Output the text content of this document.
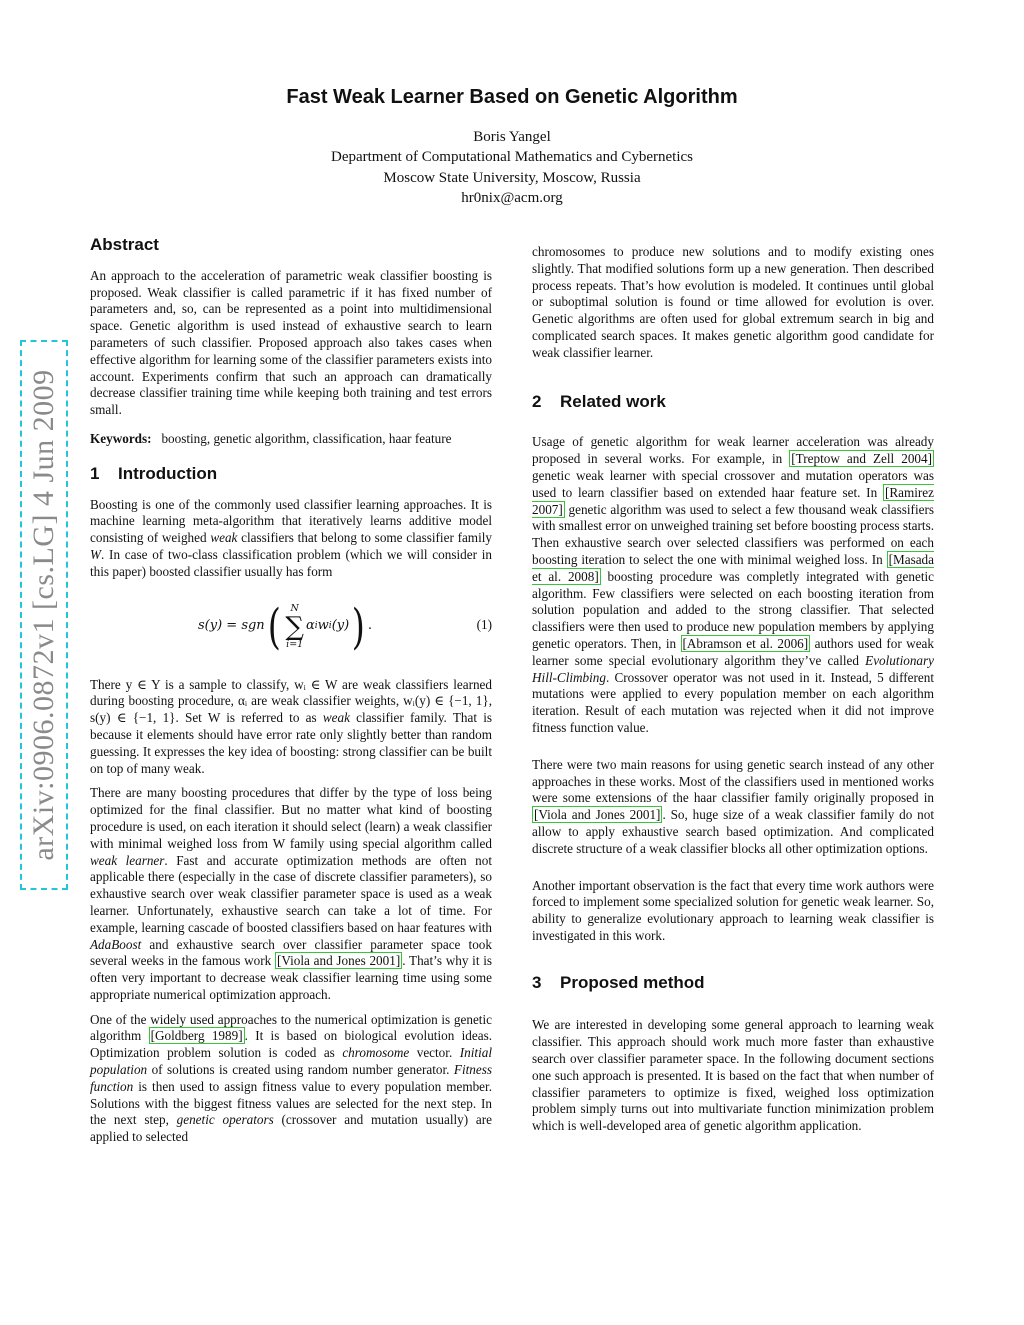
arXiv:0906.0872v1 [cs.LG] 4 Jun 2009
Fast Weak Learner Based on Genetic Algorithm
Boris Yangel
Department of Computational Mathematics and Cybernetics
Moscow State University, Moscow, Russia
hr0nix@acm.org
Abstract

An approach to the acceleration of parametric weak classifier boosting is proposed. Weak classifier is called parametric if it has fixed number of parameters and, so, can be represented as a point into multidimensional space. Genetic algorithm is used instead of exhaustive search to learn parameters of such classifier. Proposed approach also takes cases when effective algorithm for learning some of the classifier parameters exists into account. Experiments confirm that such an approach can dramatically decrease classifier training time while keeping both training and test errors small.

Keywords: boosting, genetic algorithm, classification, haar feature

1 Introduction

Boosting is one of the commonly used classifier learning approaches. It is machine learning meta-algorithm that iteratively learns additive model consisting of weighed weak classifiers that belong to some classifier family W. In case of two-class classification problem (which we will consider in this paper) boosted classifier usually has form

s(y) = sgn ( N
∑
i=1
α i w i (y) ) .	(1)

There y ∈ Y is a sample to classify, wᵢ ∈ W are weak classifiers learned during boosting procedure, αᵢ are weak classifier weights, wᵢ(y) ∈ {−1, 1}, s(y) ∈ {−1, 1}. Set W is referred to as weak classifier family. That is because it elements should have error rate only slightly better than random guessing. It expresses the key idea of boosting: strong classifier can be built on top of many weak.

There are many boosting procedures that differ by the type of loss being optimized for the final classifier. But no matter what kind of boosting procedure is used, on each iteration it should select (learn) a weak classifier with minimal weighed loss from W family using special algorithm called weak learner. Fast and accurate optimization methods are often not applicable there (especially in the case of discrete classifier parameters), so exhaustive search over weak classifier parameter space is used as a weak learner. Unfortunately, exhaustive search can take a lot of time. For example, learning cascade of boosted classifiers based on haar features with AdaBoost and exhaustive search over classifier parameter space took several weeks in the famous work [Viola and Jones 2001] . That’s why it is often very important to decrease weak classifier learning time using some appropriate numerical optimization approach.

One of the widely used approaches to the numerical optimization is genetic algorithm [Goldberg 1989] . It is based on biological evolution ideas. Optimization problem solution is coded as chromosome vector. Initial population of solutions is created using random number generator. Fitness function is then used to assign fitness value to every population member. Solutions with the biggest fitness values are selected for the next step. In the next step, genetic operators (crossover and mutation usually) are applied to selected

chromosomes to produce new solutions and to modify existing ones slightly. That modified solutions form up a new generation. Then described process repeats. That’s how evolution is modeled. It continues until global or suboptimal solution is found or time allowed for evolution is over. Genetic algorithms are often used for global extremum search in big and complicated search spaces. It makes genetic algorithm good candidate for weak classifier learner.

2 Related work

Usage of genetic algorithm for weak learner acceleration was already proposed in several works. For example, in [Treptow and Zell 2004] genetic weak learner with special crossover and mutation operators was used to learn classifier based on extended haar feature set. In [Ramirez 2007] genetic algorithm was used to select a few thousand weak classifiers with smallest error on unweighed training set before boosting process starts. Then exhaustive search over selected classifiers was performed on each boosting iteration to select the one with minimal weighed loss. In [Masada et al. 2008] boosting procedure was completly integrated with genetic algorithm. Few classifiers were selected on each boosting iteration from solution population and added to the strong classifier. That selected classifiers were then used to produce new population members by applying genetic operators. Then, in [Abramson et al. 2006] authors used for weak learner some special evolutionary algorithm they’ve called Evolutionary Hill-Climbing. Crossover operator was not used in it. Instead, 5 different mutations were applied to every population member on each algorithm iteration. Result of each mutation was rejected when it did not improve fitness function value.

There were two main reasons for using genetic search instead of any other approaches in these works. Most of the classifiers used in mentioned works were some extensions of the haar classifier family originally proposed in [Viola and Jones 2001] . So, huge size of a weak classifier family do not allow to apply exhaustive search based optimization. And complicated discrete structure of a weak classifier blocks all other optimization options.

Another important observation is the fact that every time work authors were forced to implement some specialized solution for genetic weak learner. So, ability to generalize evolutionary approach to learning weak classifier is investigated in this work.

3 Proposed method

We are interested in developing some general approach to learning weak classifier. This approach should work much more faster than exhaustive search over classifier parameter space. In the following document sections one such approach is presented. It is based on the fact that when number of classifier parameters to optimize is fixed, weighed loss optimization problem simply turns out into multivariate function minimization problem which is well-developed area of genetic algorithm application.
